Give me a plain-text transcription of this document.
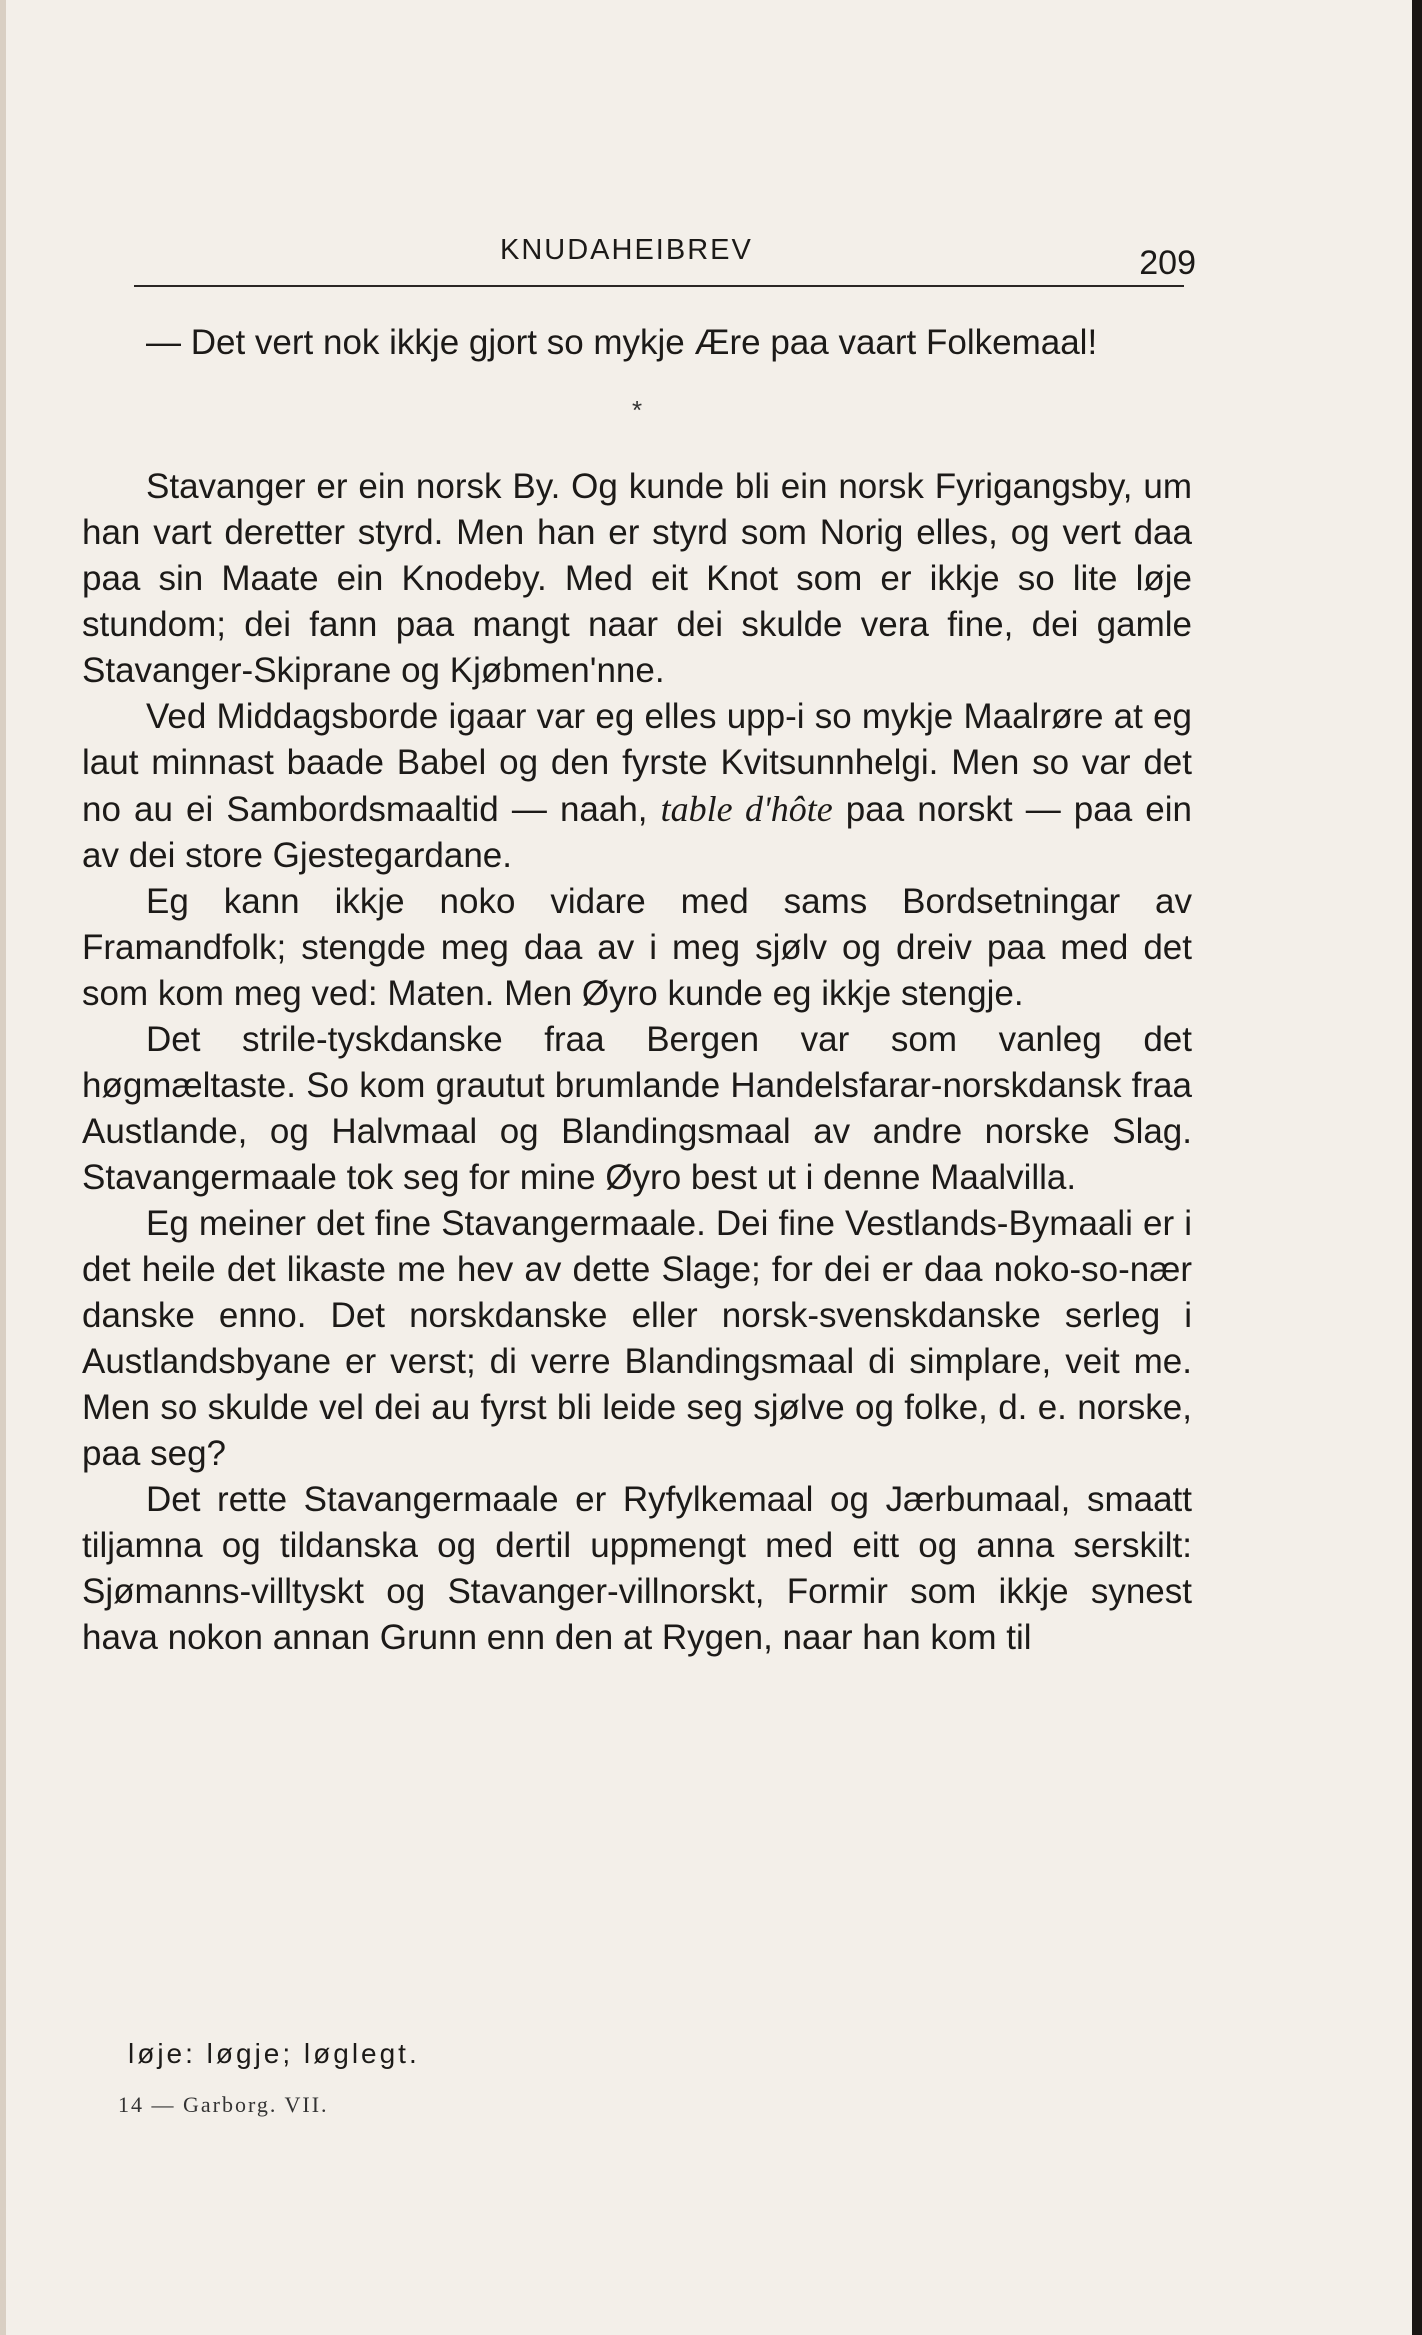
KNUDAHEIBREV	209

— Det vert nok ikkje gjort so mykje Ære paa vaart Folkemaal!

*

Stavanger er ein norsk By. Og kunde bli ein norsk Fyrigangsby, um han vart deretter styrd. Men han er styrd som Norig elles, og vert daa paa sin Maate ein Knodeby. Med eit Knot som er ikkje so lite løje stundom; dei fann paa mangt naar dei skulde vera fine, dei gamle Stavanger-Skiprane og Kjøbmen'nne.

Ved Middagsborde igaar var eg elles upp-i so mykje Maalrøre at eg laut minnast baade Babel og den fyrste Kvitsunnhelgi. Men so var det no au ei Sambordsmaaltid — naah, table d'hôte paa norskt — paa ein av dei store Gjestegardane.

Eg kann ikkje noko vidare med sams Bordsetningar av Framandfolk; stengde meg daa av i meg sjølv og dreiv paa med det som kom meg ved: Maten. Men Øyro kunde eg ikkje stengje.

Det strile-tyskdanske fraa Bergen var som vanleg det høgmæltaste. So kom grautut brumlande Handelsfarar-norskdansk fraa Austlande, og Halvmaal og Blandingsmaal av andre norske Slag. Stavangermaale tok seg for mine Øyro best ut i denne Maalvilla.

Eg meiner det fine Stavangermaale. Dei fine Vestlands-Bymaali er i det heile det likaste me hev av dette Slage; for dei er daa noko-so-nær danske enno. Det norskdanske eller norsk-svenskdanske serleg i Austlandsbyane er verst; di verre Blandingsmaal di simplare, veit me. Men so skulde vel dei au fyrst bli leide seg sjølve og folke, d. e. norske, paa seg?

Det rette Stavangermaale er Ryfylkemaal og Jærbumaal, smaatt tiljamna og tildanska og dertil uppmengt med eitt og anna serskilt: Sjømanns-villtyskt og Stavanger-villnorskt, Formir som ikkje synest hava nokon annan Grunn enn den at Rygen, naar han kom til

løje: løgje; løglegt.
14 — Garborg. VII.
